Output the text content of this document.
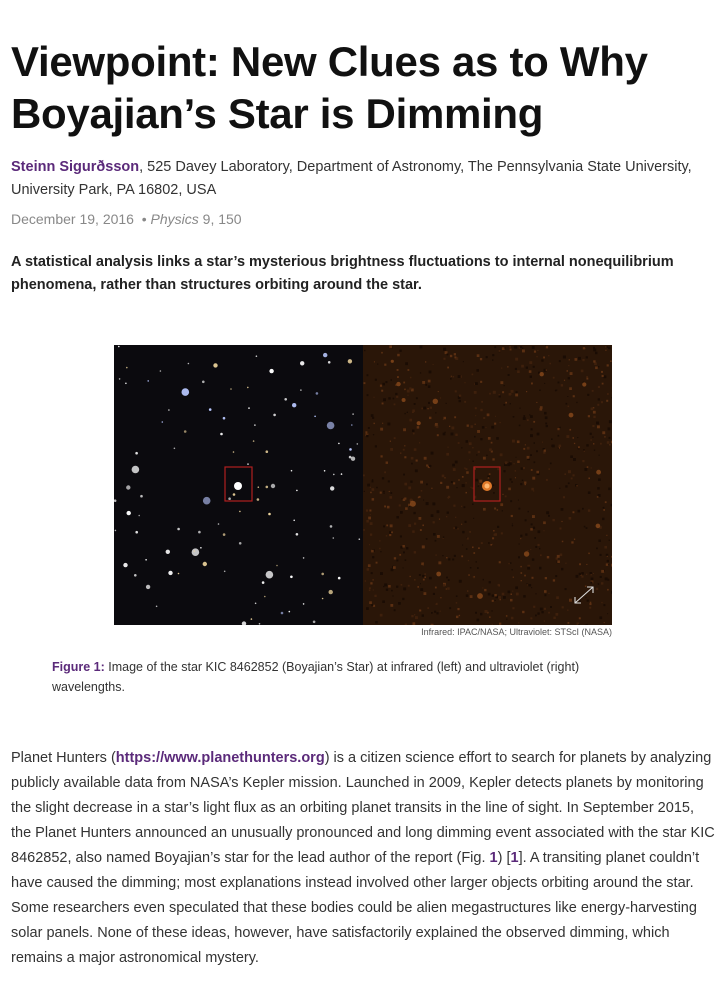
Viewpoint: New Clues as to Why Boyajian’s Star is Dimming
Steinn Sigurðsson, 525 Davey Laboratory, Department of Astronomy, The Pennsylvania State University, University Park, PA 16802, USA
December 19, 2016 • Physics 9, 150
A statistical analysis links a star’s mysterious brightness fluctuations to internal nonequilibrium phenomena, rather than structures orbiting around the star.
Infrared: IPAC/NASA; Ultraviolet: STScI (NASA)
Figure 1: Image of the star KIC 8462852 (Boyajian’s Star) at infrared (left) and ultraviolet (right) wavelengths.
Planet Hunters (https://www.planethunters.org) is a citizen science effort to search for planets by analyzing publicly available data from NASA’s Kepler mission. Launched in 2009, Kepler detects planets by monitoring the slight decrease in a star’s light flux as an orbiting planet transits in the line of sight. In September 2015, the Planet Hunters announced an unusually pronounced and long dimming event associated with the star KIC 8462852, also named Boyajian’s star for the lead author of the report (Fig. 1) [1]. A transiting planet couldn’t have caused the dimming; most explanations instead involved other larger objects orbiting around the star. Some researchers even speculated that these bodies could be alien megastructures like energy-harvesting solar panels. None of these ideas, however, have satisfactorily explained the observed dimming, which remains a major astronomical mystery.
